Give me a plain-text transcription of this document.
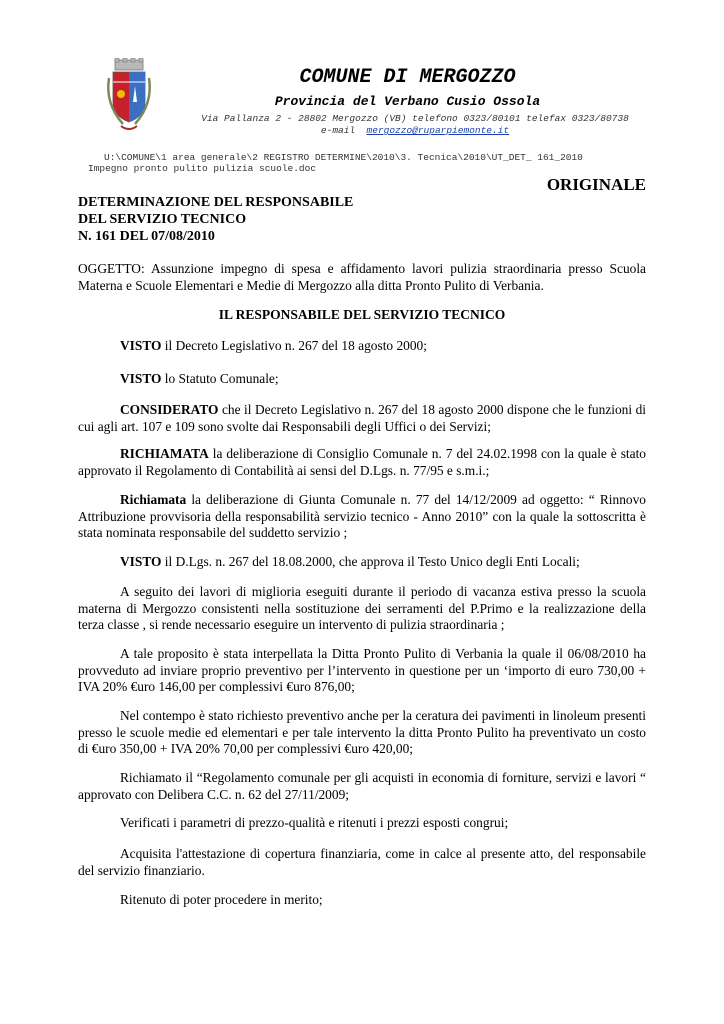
COMUNE DI MERGOZZO
Provincia del Verbano Cusio Ossola
Via Pallanza 2 - 28802 Mergozzo (VB) telefono 0323/80101 telefax 0323/80738
e-mail mergozzo@ruparpiemonte.it
U:\COMUNE\1 area generale\2 REGISTRO DETERMINE\2010\3. Tecnica\2010\UT_DET_ 161_2010
Impegno pronto pulito pulizia scuole.doc
ORIGINALE
DETERMINAZIONE DEL RESPONSABILE
DEL SERVIZIO TECNICO
N. 161 DEL 07/08/2010
OGGETTO: Assunzione impegno di spesa e affidamento lavori pulizia straordinaria presso Scuola Materna e Scuole Elementari e Medie di Mergozzo alla ditta Pronto Pulito di Verbania.
IL RESPONSABILE DEL SERVIZIO TECNICO
VISTO il Decreto Legislativo n. 267 del 18 agosto 2000;
VISTO lo Statuto Comunale;
CONSIDERATO che il Decreto Legislativo n. 267 del 18 agosto 2000 dispone che le funzioni di cui agli art. 107 e 109 sono svolte dai Responsabili degli Uffici o dei Servizi;
RICHIAMATA la deliberazione di Consiglio Comunale n. 7 del 24.02.1998 con la quale è stato approvato il Regolamento di Contabilità ai sensi del D.Lgs. n. 77/95 e s.m.i.;
Richiamata la deliberazione di Giunta Comunale n. 77 del 14/12/2009 ad oggetto: “ Rinnovo Attribuzione provvisoria della responsabilità servizio tecnico - Anno 2010” con la quale la sottoscritta è stata nominata responsabile del suddetto servizio ;
VISTO il D.Lgs. n. 267 del 18.08.2000, che approva il Testo Unico degli Enti Locali;
A seguito dei lavori di miglioria eseguiti durante il periodo di vacanza estiva presso la scuola materna di Mergozzo consistenti nella sostituzione dei serramenti del P.Primo e la realizzazione della terza classe , si rende necessario eseguire un intervento di pulizia straordinaria ;
A tale proposito è stata interpellata la Ditta Pronto Pulito di Verbania la quale il 06/08/2010 ha provveduto ad inviare proprio preventivo per l’intervento in questione per un ‘importo di euro 730,00 + IVA 20% €uro 146,00 per complessivi €uro 876,00;
Nel contempo è stato richiesto preventivo anche per la ceratura dei pavimenti in linoleum presenti presso le scuole medie ed elementari e per tale intervento la ditta Pronto Pulito ha preventivato un costo di €uro 350,00 + IVA 20% 70,00 per complessivi €uro 420,00;
Richiamato il “Regolamento comunale per gli acquisti in economia di forniture, servizi e lavori “ approvato con Delibera C.C. n. 62 del 27/11/2009;
Verificati i parametri di prezzo-qualità e ritenuti i prezzi esposti congrui;
Acquisita l'attestazione di copertura finanziaria, come in calce al presente atto, del responsabile del servizio finanziario.
Ritenuto di poter procedere in merito;
